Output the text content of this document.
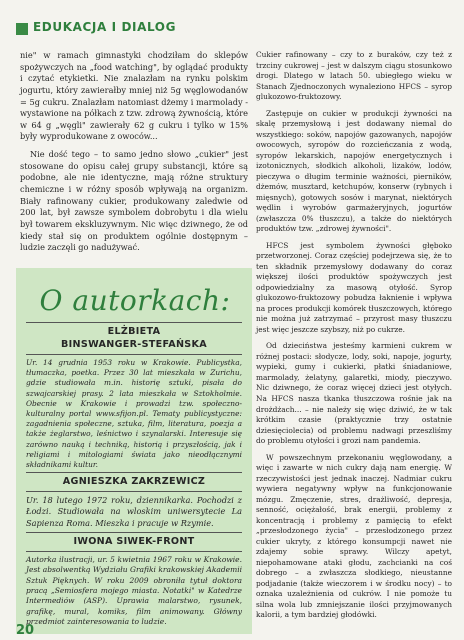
EDUKACJA I DIALOG

nie" w ramach gimnastyki chodziłam do sklepów spożywczych na „food watching", by oglądać produkty i czytać etykietki. Nie znalazłam na rynku polskim jogurtu, który zawierałby mniej niż 5g węglowodanów = 5g cukru. Znalazłam natomiast dżemy i marmolady - wystawione na półkach z tzw. zdrową żywnością, które w 64 g „węgli" zawierały 62 g cukru i tylko w 15% były wyprodukowane z owoców...

Nie dość tego – to samo jedno słowo „cukier" jest stosowane do opisu całej grupy substancji, które są podobne, ale nie identyczne, mają różne struktury chemiczne i w różny sposób wpływają na organizm. Biały rafinowany cukier, produkowany zaledwie od 200 lat, był zawsze symbolem dobrobytu i dla wielu był towarem ekskluzywnym. Nic więc dziwnego, że od kiedy stał się on produktem ogólnie dostępnym – ludzie zaczęli go nadużywać.

O autorkach:
ELŻBIETA
BINSWANGER-STEFAŃSKA
Ur. 14 grudnia 1953 roku w Krakowie. Publicystka, tłumaczka, poetka. Przez 30 lat mieszkała w Zurichu, gdzie studiowała m.in. historię sztuki, pisała do szwajcarskiej prasy. 2 lata mieszkała w Sztokholmie. Obecnie w Krakowie i prowadzi tzw. społeczno-kulturalny portal www.sfijon.pl. Tematy publicystyczne: zagadnienia społeczne, sztuka, film, literatura, poezja a także żeglarstwo, leśnictwo i szynalarski. Interesuje się zarówno nauką i techniką, historią i przyszłością, jak i religiami i mitologiami świata jako nieodłącznymi składnikami kultur.
AGNIESZKA ZAKRZEWICZ
Ur. 18 lutego 1972 roku, dziennikarka. Pochodzi z Łodzi. Studiowała na wloskim uniwersytecie La Sapienza Roma. Mieszka i pracuje w Rzymie.
IWONA SIWEK-FRONT
Autorka ilustracji, ur. 5 kwietnia 1967 roku w Krakowie. Jest absolwentką Wydziału Grafiki krakowskiej Akademii Sztuk Pięknych. W roku 2009 obroniła tytuł doktora pracą „Semiosfera mojego miasta. Notatki" w Katedrze Intermediów (ASP). Uprawia malarstwo, rysunek, grafikę, mural, komiks, film animowany. Główny przedmiot zainteresowania to ludzie.

Cukier rafinowany – czy to z buraków, czy też z trzciny cukrowej – jest w dalszym ciągu stosunkowo drogi. Dlatego w latach 50. ubiegłego wieku w Stanach Zjednoczonych wynaleziono HFCS – syrop glukozowo-fruktozowy.

Zastępuje on cukier w produkcji żywności na skalę przemysłową i jest dodawany niemal do wszystkiego: soków, napojów gazowanych, napojów owocowych, syropów do rozcieńczania z wodą, syropów lekarskich, napojów energetycznych i izotonicznych, słodkich alkoholi, lizaków, lodów, pieczywa o długim terminie ważności, pierników, dżemów, musztard, ketchupów, konserw (rybnych i mięsnych), gotowych sosów i marynat, niektórych wędlin i wyrobów garmażeryjnych, jogurtów (zwłaszcza 0% tłuszczu), a także do niektórych produktów tzw. „zdrowej żywności".

HFCS jest symbolem żywności głęboko przetworzonej. Coraz częściej podejrzewa się, że to ten składnik przemysłowy dodawany do coraz większej ilości produktów spożywczych jest odpowiedzialny za masową otyłość. Syrop glukozowo-fruktozowy pobudza łaknienie i wpływa na proces produkcji komórek tłuszczowych, którego nie można już zatrzymać – przyrost masy tłuszczu jest więc jeszcze szybszy, niż po cukrze.

Od dzieciństwa jesteśmy karmieni cukrem w różnej postaci: słodycze, lody, soki, napoje, jogurty, wypieki, gumy i cukierki, płatki śniadaniowe, marmolady, żelatyny, galaretki, miody, pieczywo. Nic dziwnego, że coraz więcej dzieci jest otyłych. Na HFCS nasza tkanka tłuszczowa rośnie jak na drożdżach... – nie należy się więc dziwić, że w tak krótkim czasie (praktycznie trzy ostatnie dziesięciolecia) od problemu nadwagi przeszliśmy do problemu otyłości i grozi nam pandemia.

W powszechnym przekonaniu węglowodany, a więc i zawarte w nich cukry dają nam energię. W rzeczywistości jest jednak inaczej. Nadmiar cukru wywiera negatywny wpływ na funkcjonowanie mózgu. Zmęczenie, stres, drażliwość, depresja, senność, ociężałość, brak energii, problemy z koncentracją i problemy z pamięcią to efekt „przesłodzonego życia" – przesłodzonego przez cukier ukryty, z którego konsumpcji nawet nie zdajemy sobie sprawy. Wilczy apetyt, niepohamowane ataki głodu, zachcianki na coś dobrego – a zwłaszcza słodkiego, nieustanne podjadanie (także wieczorem i w środku nocy) – to oznaka uzależnienia od cukrów. I nie pomoże tu silna wola lub zmniejszanie ilości przyjmowanych kalorii, a tym bardziej głodówki.

20
